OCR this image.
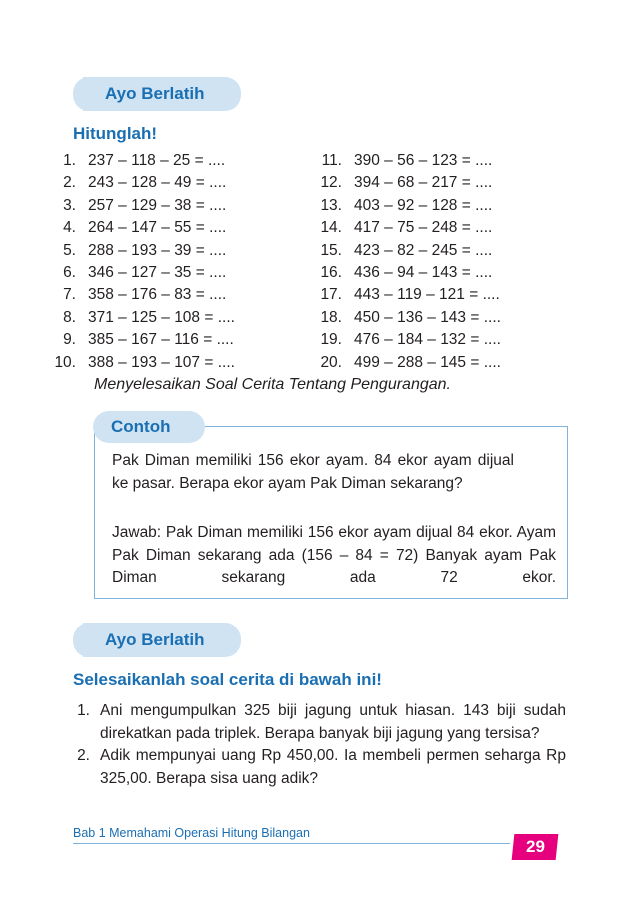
Ayo Berlatih
Hitunglah!
1. 237 – 118 – 25 = ....
2. 243 – 128 – 49 = ....
3. 257 – 129 – 38 = ....
4. 264 – 147 – 55 = ....
5. 288 – 193 – 39 = ....
6. 346 – 127 – 35 = ....
7. 358 – 176 – 83 = ....
8. 371 – 125 – 108 = ....
9. 385 – 167 – 116 = ....
10. 388 – 193 – 107 = ....
11. 390 – 56 – 123 = ....
12. 394 – 68 – 217 = ....
13. 403 – 92 – 128 = ....
14. 417 – 75 – 248 = ....
15. 423 – 82 – 245 = ....
16. 436 – 94 – 143 = ....
17. 443 – 119 – 121 = ....
18. 450 – 136 – 143 = ....
19. 476 – 184 – 132 = ....
20. 499 – 288 – 145 = ....
Menyelesaikan Soal Cerita Tentang Pengurangan.
Contoh
Pak Diman memiliki 156 ekor ayam. 84 ekor ayam dijual ke pasar. Berapa ekor ayam Pak Diman sekarang?
Jawab: Pak Diman memiliki 156 ekor ayam dijual 84 ekor. Ayam Pak Diman sekarang ada (156 – 84 = 72) Banyak ayam Pak Diman sekarang ada 72 ekor.
Ayo Berlatih
Selesaikanlah soal cerita di bawah ini!
1. Ani mengumpulkan 325 biji jagung untuk hiasan. 143 biji sudah direkatkan pada triplek. Berapa banyak biji jagung yang tersisa?
2. Adik mempunyai uang Rp 450,00. Ia membeli permen seharga Rp 325,00. Berapa sisa uang adik?
Bab 1 Memahami Operasi Hitung Bilangan
29
